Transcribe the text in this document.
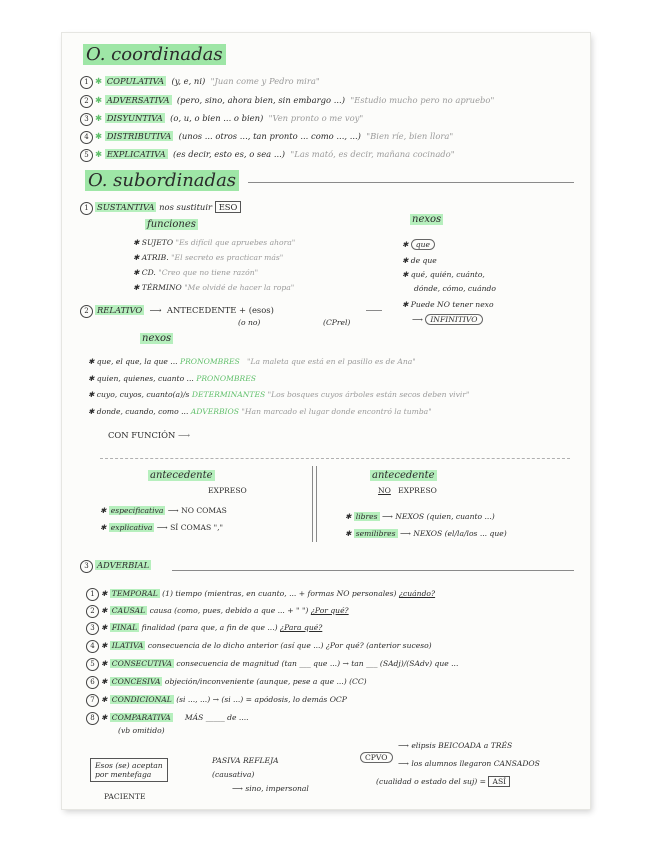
O. coordinadas
1 ✱ COPULATIVA (y, e, ni) "Juan come y Pedro mira"
2 ✱ ADVERSATIVA (pero, sino, ahora bien, sin embargo ...) "Estudio mucho pero no apruebo"
3 ✱ DISYUNTIVA (o, u, o bien ... o bien) "Ven pronto o me voy"
4 ✱ DISTRIBUTIVA (unos ... otros ..., tan pronto ... como ..., ...) "Bien ríe, bien llora"
5 ✱ EXPLICATIVA (es decir, esto es, o sea ...) "Las mató, es decir, mañana cocinado"
O. subordinadas
1 SUSTANTIVA nos sustituir ESO
funciones
✱ SUJETO "Es difícil que apruebes ahora"
✱ ATRIB. "El secreto es practicar más"
✱ CD. "Creo que no tiene razón"
✱ TÉRMINO "Me olvidé de hacer la ropa"
nexos
✱ que
✱ de que
✱ qué, quién, cuánto,
dónde, cómo, cuándo
✱ Puede NO tener nexo
⟶ INFINITIVO
2 RELATIVO  ⟶  ANTECEDENTE + (esos)
(o no)	(CPrel)
nexos
✱ que, el que, la que ... PRONOMBRES "La maleta que está en el pasillo es de Ana"
✱ quien, quienes, cuanto ... PRONOMBRES
✱ cuyo, cuyos, cuanto(a)/s DETERMINANTES "Los bosques cuyos árboles están secos deben vivir"
✱ donde, cuando, como ... ADVERBIOS "Han marcado el lugar donde encontró la tumba"
CON FUNCIÓN ⟶
antecedente
EXPRESO
✱ especificativa ⟶ NO COMAS
✱ explicativa ⟶ SÍ COMAS ","
antecedente
NO EXPRESO
✱ libres ⟶ NEXOS (quien, cuanto ...)
✱ semilibres ⟶ NEXOS (el/la/los ... que)
3 ADVERBIAL
1 ✱ TEMPORAL (1) tiempo (mientras, en cuanto, ... + formas NO personales) ¿cuándo?
2 ✱ CAUSAL causa (como, pues, debido a que ... + " ") ¿Por qué?
3 ✱ FINAL finalidad (para que, a fin de que ...) ¿Para qué?
4 ✱ ILATIVA consecuencia de lo dicho anterior (así que ...) ¿Por qué? (anterior suceso)
5 ✱ CONSECUTIVA consecuencia de magnitud (tan ___ que ...) → tan ___ (SAdj)/(SAdv) que ...
6 ✱ CONCESIVA objeción/inconveniente (aunque, pese a que ...) (CC)
7 ✱ CONDICIONAL (si ..., ...) → (si ...) = apódosis, lo demás OCP
8 ✱ COMPARATIVA MÁS _____ de ....
(vb omitido)
Esos (se) aceptan
por mentefaga
PACIENTE
PASIVA REFLEJA
(causativa)
⟶ sino, impersonal
CPVO
⟶ elipsis BEICOADA a TRÉS
⟶ los alumnos llegaron CANSADOS
(cualidad o estado del suj) = ASÍ
